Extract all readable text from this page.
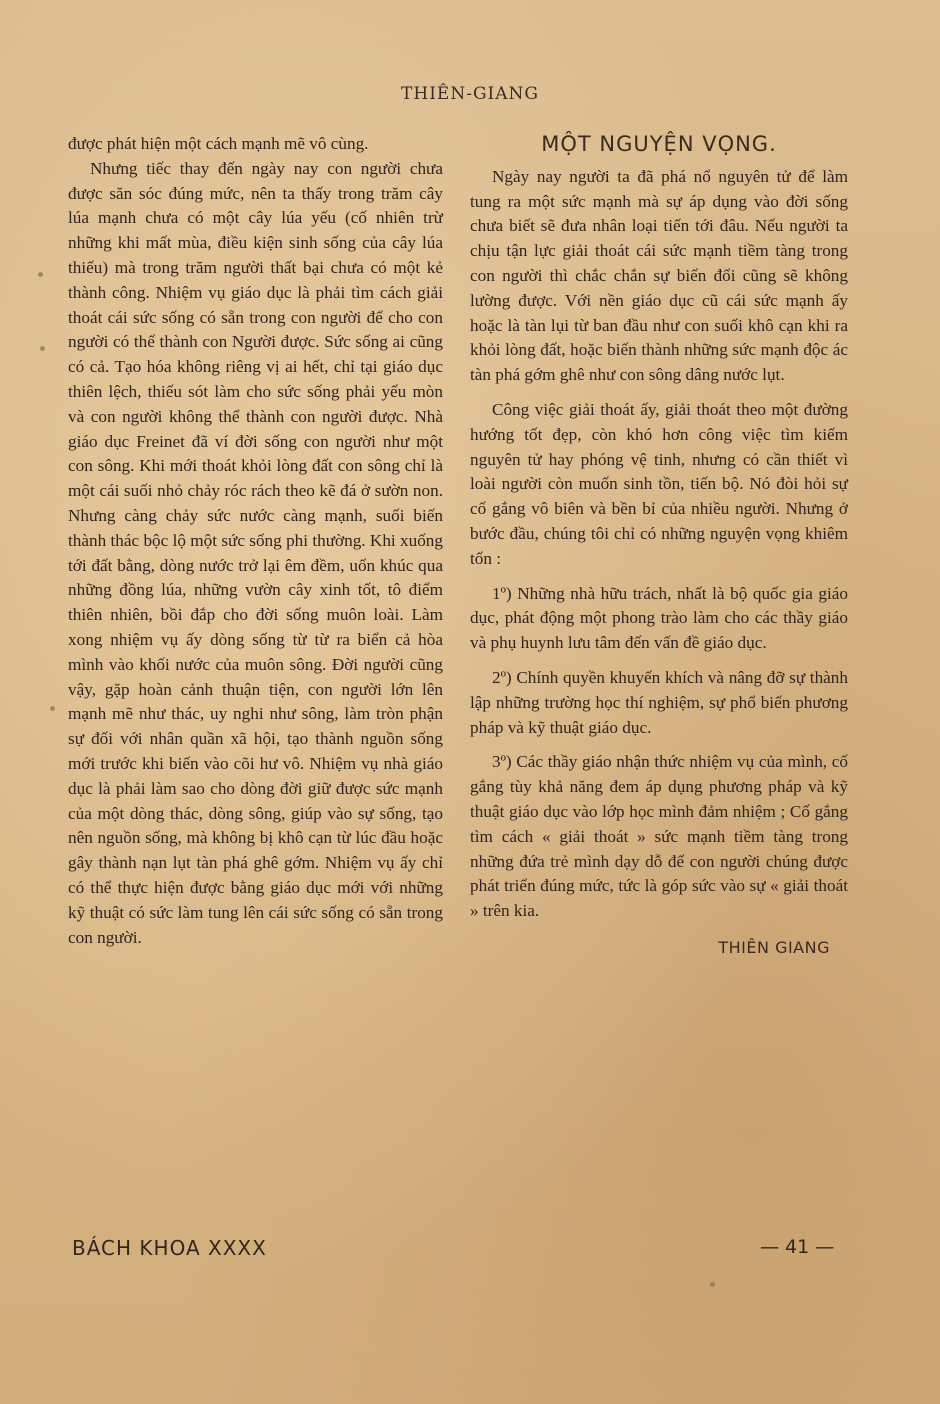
THIÊN-GIANG

được phát hiện một cách mạnh mẽ vô cùng.

Nhưng tiếc thay đến ngày nay con người chưa được săn sóc đúng mức, nên ta thấy trong trăm cây lúa mạnh chưa có một cây lúa yếu (cố nhiên trừ những khi mất mùa, điều kiện sinh sống của cây lúa thiếu) mà trong trăm người thất bại chưa có một kẻ thành công. Nhiệm vụ giáo dục là phải tìm cách giải thoát cái sức sống có sẵn trong con người để cho con người có thể thành con Người được. Sức sống ai cũng có cả. Tạo hóa không riêng vị ai hết, chỉ tại giáo dục thiên lệch, thiếu sót làm cho sức sống phải yếu mòn và con người không thể thành con người được. Nhà giáo dục Freinet đã ví đời sống con người như một con sông. Khi mới thoát khỏi lòng đất con sông chỉ là một cái suối nhỏ chảy róc rách theo kẽ đá ở sườn non. Nhưng càng chảy sức nước càng mạnh, suối biến thành thác bộc lộ một sức sống phi thường. Khi xuống tới đất bằng, dòng nước trở lại êm đềm, uốn khúc qua những đồng lúa, những vườn cây xinh tốt, tô điểm thiên nhiên, bồi đắp cho đời sống muôn loài. Làm xong nhiệm vụ ấy dòng sống từ từ ra biển cả hòa mình vào khối nước của muôn sông. Đời người cũng vậy, gặp hoàn cảnh thuận tiện, con người lớn lên mạnh mẽ như thác, uy nghi như sông, làm tròn phận sự đối với nhân quần xã hội, tạo thành nguồn sống mới trước khi biến vào cõi hư vô. Nhiệm vụ nhà giáo dục là phải làm sao cho dòng đời giữ được sức mạnh của một dòng thác, dòng sông, giúp vào sự sống, tạo nên nguồn sống, mà không bị khô cạn từ lúc đầu hoặc gây thành nạn lụt tàn phá ghê gớm. Nhiệm vụ ấy chỉ có thể thực hiện được bằng giáo dục mới với những kỹ thuật có sức làm tung lên cái sức sống có sẵn trong con người.

MỘT NGUYỆN VỌNG.

Ngày nay người ta đã phá nổ nguyên tử để làm tung ra một sức mạnh mà sự áp dụng vào đời sống chưa biết sẽ đưa nhân loại tiến tới đâu. Nếu người ta chịu tận lực giải thoát cái sức mạnh tiềm tàng trong con người thì chắc chắn sự biến đổi cũng sẽ không lường được. Với nền giáo dục cũ cái sức mạnh ấy hoặc là tàn lụi từ ban đầu như con suối khô cạn khi ra khỏi lòng đất, hoặc biến thành những sức mạnh độc ác tàn phá gớm ghê như con sông dâng nước lụt.

Công việc giải thoát ấy, giải thoát theo một đường hướng tốt đẹp, còn khó hơn công việc tìm kiếm nguyên tử hay phóng vệ tinh, nhưng có cần thiết vì loài người còn muốn sinh tồn, tiến bộ. Nó đòi hỏi sự cố gắng vô biên và bền bỉ của nhiều người. Nhưng ở bước đầu, chúng tôi chỉ có những nguyện vọng khiêm tốn :

1º) Những nhà hữu trách, nhất là bộ quốc gia giáo dục, phát động một phong trào làm cho các thầy giáo và phụ huynh lưu tâm đến vấn đề giáo dục.

2º) Chính quyền khuyến khích và nâng đỡ sự thành lập những trường học thí nghiệm, sự phổ biến phương pháp và kỹ thuật giáo dục.

3º) Các thầy giáo nhận thức nhiệm vụ của mình, cố gắng tùy khả năng đem áp dụng phương pháp và kỹ thuật giáo dục vào lớp học mình đảm nhiệm ; Cố gắng tìm cách « giải thoát » sức mạnh tiềm tàng trong những đứa trẻ mình dạy dỗ để con người chúng được phát triển đúng mức, tức là góp sức vào sự « giải thoát » trên kia.

THIÊN GIANG
BÁCH KHOA XXXX	— 41 —
